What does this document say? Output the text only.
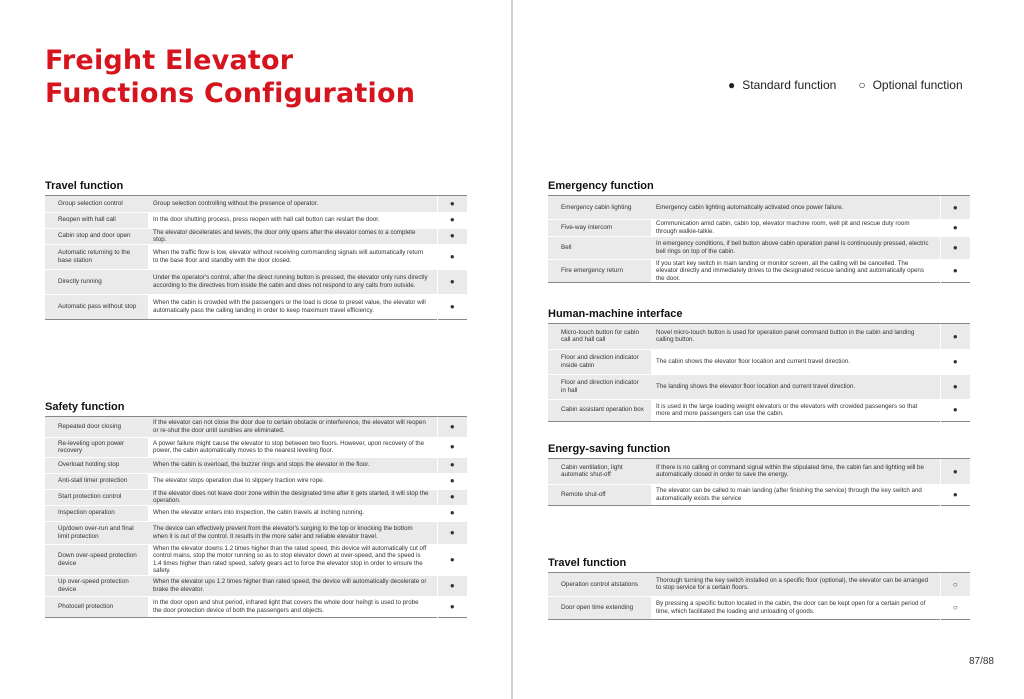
Freight Elevator
Functions Configuration
Travel function
Group selection control	Group selection controlling without the presence of operator.	●
Reopen with hall call	In the door shutting process, press reopen with hall call button can restart the door.	●
Cabin stop and door open	The elevator decelerates and levels, the door only opens after the elevator comes to a complete stop.	●
Automatic returning to the base station	When the traffic flow is low, elevator without receiving commanding signals will automatically return to the base floor and standby with the door closed.	●
Directly running	Under the operator's control, after the direct running button is pressed, the elevator only runs directly according to the directives from inside the cabin and does not respond to any calls from outside.	●
Automatic pass without stop	When the cabin is crowded with the passengers or the load is close to preset value, the elevator will automatically pass the calling landing in order to keep maximum travel efficiency.	●
Safety function
Repeated door closing	If the elevator can not close the door due to certain obstacle or interference, the elevator will reopen or re-shut the door until sundries are eliminated.	●
Re-leveling upon power recovery	A power failure might cause the elevator to stop between two floors. However, upon recovery of the power, the cabin automatically moves to the nearest leveling floor.	●
Overload holding stop	When the cabin is overload, the buzzer rings and stops the elevator in the floor.	●
Anti-stall timer protection	The elevator stops operation due to slippery traction wire rope.	●
Start protection control	If the elevator does not leave door zone within the designated time after it gets started, it will stop the operation.	●
Inspection operation	When the elevator enters into inspection, the cabin travels at inching running.	●
Up/down over-run and final limit protection	The device can effectively prevent from the elevator's surging to the top or knocking the bottom when it is out of the control. It results in the more safer and reliable elevator travel.	●
Down over-speed protection device	When the elevator downs 1.2 times higher than the rated speed, this device will automatically cut off control mains, stop the motor running so as to stop elevator down at over-speed, and the speed is 1.4 times higher than rated speed, safety gears act to force the elevator stop in order to ensure the safety.	●
Up over-speed protection device	When the elevator ups 1.2 times higher than rated speed, the device will automatically decelerate or brake the elevator.	●
Photocell protection	In the door open and shut period, infrared light that covers the whole door heihgt is used to probe the door protection device of both the passengers and objects.	●
● Standard function ○ Optional function
Emergency function
Emergency cabin lighting	Emergency cabin lighting automatically activated once power failure.	●
Five-way intercom	Communication amid cabin, cabin top, elevator machine room, well pit and rescue duty room through walkie-talkie.	●
Bell	In emergency conditions, if bell button above cabin operation panel is continuously pressed, electric bell rings on top of the cabin.	●
Fire emergency return	If you start key switch in main landing or monitor screen, all the calling will be cancelled. The elevator directly and immediately drives to the designated rescue landing and automatically opens the door.	●
Human-machine interface
Micro-touch button for cabin call and hall call	Novel micro-touch button is used for operation panel command button in the cabin and landing calling button.	●
Floor and direction indicator inside cabin	The cabin shows the elevator floor location and current travel direction.	●
Floor and direction indicator in hall	The landing shows the elevator floor location and current travel direction.	●
Cabin assistant operation box	It is used in the large loading weight elevators or the elevators with crowded passengers so that more and more passengers can use the cabin.	●
Energy-saving function
Cabin ventilation, light automatic shut-off	If there is no calling or command signal within the stipulated time, the cabin fan and lighting will be automatically closed in order to save the energy.	●
Remote shut-off	The elevator can be called to main landing (after finishing the service) through the key switch and automatically exists the service	●
Travel function
Operation control atstations	Thorough turning the key switch installed on a specific floor (optional), the elevator can be arranged to stop service for a certain floors.	○
Door open time extending	By pressing a specific button located in the cabin, the door can be kept open for a certain period of time, which facilitated the loading and unloading of goods.	○
87/88
